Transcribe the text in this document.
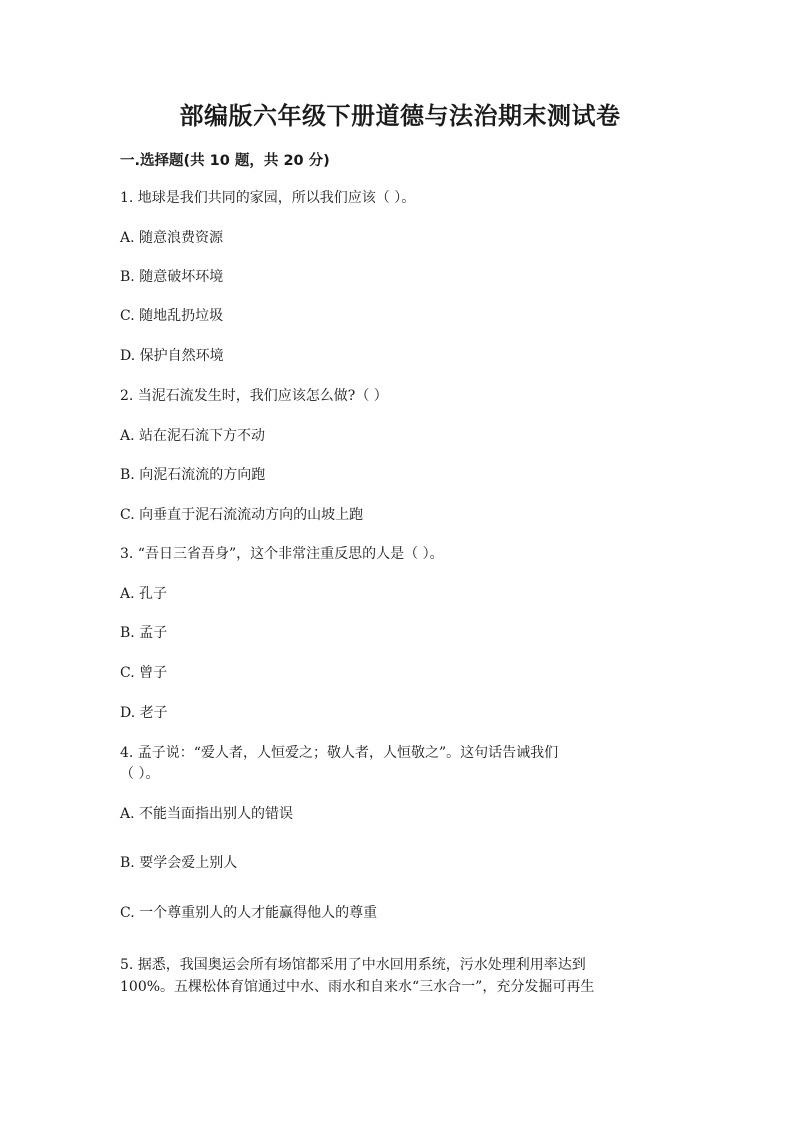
部编版六年级下册道德与法治期末测试卷
一.选择题(共 10 题，共 20 分)
1. 地球是我们共同的家园，所以我们应该（ ）。
A. 随意浪费资源
B. 随意破坏环境
C. 随地乱扔垃圾
D. 保护自然环境
2. 当泥石流发生时，我们应该怎么做?（ ）
A. 站在泥石流下方不动
B. 向泥石流流的方向跑
C. 向垂直于泥石流流动方向的山坡上跑
3. “吾日三省吾身”，这个非常注重反思的人是（ ）。
A. 孔子
B. 孟子
C. 曾子
D. 老子
4. 孟子说：“爱人者，人恒爱之；敬人者，人恒敬之”。这句话告诫我们
（ ）。
A. 不能当面指出别人的错误
B. 要学会爱上别人
C. 一个尊重别人的人才能赢得他人的尊重
5. 据悉，我国奥运会所有场馆都采用了中水回用系统，污水处理利用率达到
100%。五棵松体育馆通过中水、雨水和自来水“三水合一”，充分发掘可再生
